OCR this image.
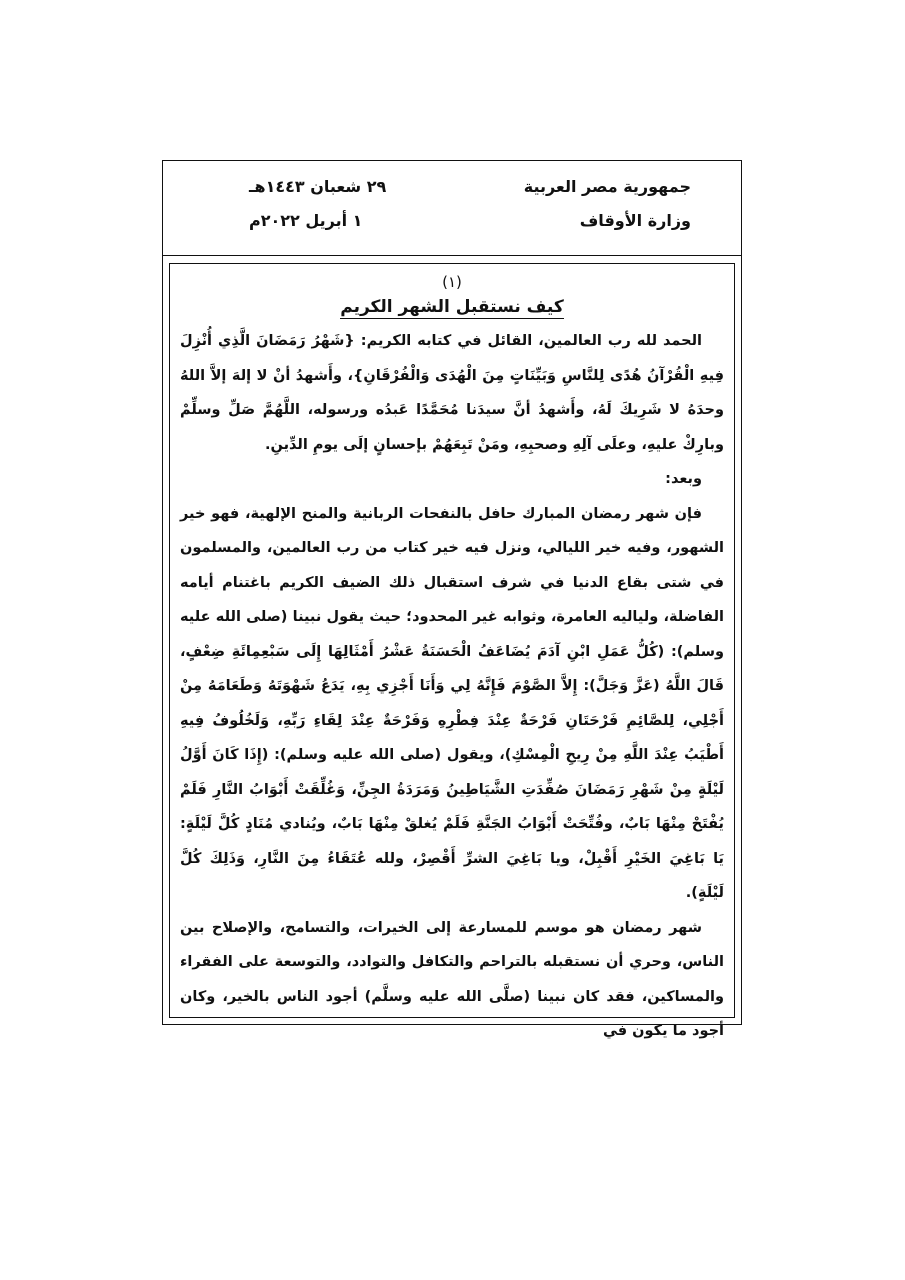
جمهورية مصر العربية
وزارة الأوقاف
٢٩ شعبان ١٤٤٣هـ
١ أبريل ٢٠٢٢م
(١)
كيف نستقبل الشهر الكريم

الحمد لله رب العالمين، القائل في كتابه الكريم: {شَهْرُ رَمَضَانَ الَّذِي أُنْزِلَ فِيهِ الْقُرْآنُ هُدًى لِلنَّاسِ وَبَيِّنَاتٍ مِنَ الْهُدَى وَالْفُرْقَانِ}، وأَشهدُ أنْ لا إلهَ إلاَّ اللهُ وحدَهُ لا شَرِيكَ لَهُ، وأَشهدُ أنَّ سيدَنا مُحَمَّدًا عَبدُه ورسوله، اللَّهُمَّ صَلِّ وسلِّمْ وبارِكْ عليهِ، وعلَى آلِهِ وصحبِهِ، ومَنْ تَبِعَهُمْ بإحسانٍ إلَى يومِ الدِّينِ.

وبعد:

فإن شهر رمضان المبارك حافل بالنفحات الربانية والمنح الإلهية، فهو خير الشهور، وفيه خير الليالي، ونزل فيه خير كتاب من رب العالمين، والمسلمون في شتى بقاع الدنيا في شرف استقبال ذلك الضيف الكريم باغتنام أيامه الفاضلة، ولياليه العامرة، وثوابه غير المحدود؛ حيث يقول نبينا (صلى الله عليه وسلم): (كُلُّ عَمَلِ ابْنِ آدَمَ يُضَاعَفُ الْحَسَنَةُ عَشْرُ أَمْثَالِهَا إِلَى سَبْعِمِائَةِ ضِعْفٍ، قَالَ اللَّهُ (عَزَّ وَجَلَّ): إِلاَّ الصَّوْمَ فَإِنَّهُ لِي وَأَنَا أَجْزِي بِهِ، يَدَعُ شَهْوَتَهُ وَطَعَامَهُ مِنْ أَجْلِي، لِلصَّائِمِ فَرْحَتَانِ فَرْحَةٌ عِنْدَ فِطْرِهِ وَفَرْحَةٌ عِنْدَ لِقَاءِ رَبِّهِ، وَلَخُلُوفُ فِيهِ أَطْيَبُ عِنْدَ اللَّهِ مِنْ رِيحِ الْمِسْكِ)، ويقول (صلى الله عليه وسلم): (إِذَا كَانَ أَوَّلُ لَيْلَةٍ مِنْ شَهْرِ رَمَضَانَ صُفِّدَتِ الشَّيَاطِينُ وَمَرَدَةُ الجِنِّ، وَغُلِّقَتْ أَبْوَابُ النَّارِ فَلَمْ يُفْتَحْ مِنْهَا بَابٌ، وفُتِّحَتْ أَبْوَابُ الجَنَّةِ فَلَمْ يُغلقْ مِنْهَا بَابٌ، ويُنادي مُنَادٍ كُلَّ لَيْلَةٍ: يَا بَاغِيَ الخَيْرِ أَقْبِلْ، ويا بَاغِيَ الشرِّ أَقْصِرْ، ولله عُتَقَاءُ مِنَ النَّارِ، وَذَلِكَ كُلَّ لَيْلَةٍ).

شهر رمضان هو موسم للمسارعة إلى الخيرات، والتسامح، والإصلاح بين الناس، وحري أن نستقبله بالتراحم والتكافل والتوادد، والتوسعة على الفقراء والمساكين، فقد كان نبينا (صلَّى الله عليه وسلَّم) أجود الناس بالخير، وكان أجود ما يكون في
